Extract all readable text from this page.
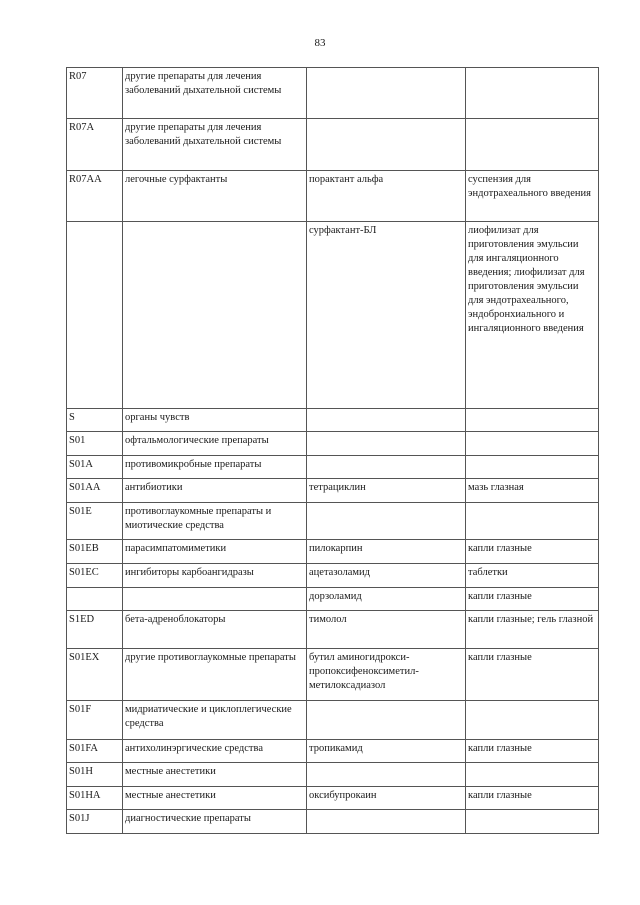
83
R07	другие препараты для лечения заболеваний дыхательной системы		
R07A	другие препараты для лечения заболеваний дыхательной системы		
R07AA	легочные сурфактанты	порактант альфа	суспензия для эндотрахеального введения
		сурфактант-БЛ	лиофилизат для приготовления эмульсии для ингаляционного введения; лиофилизат для приготовления эмульсии для эндотрахеального, эндобронхиального и ингаляционного введения
S	органы чувств		
S01	офтальмологические препараты		
S01A	противомикробные препараты		
S01AA	антибиотики	тетрациклин	мазь глазная
S01E	противоглаукомные препараты и миотические средства		
S01EB	парасимпатомиметики	пилокарпин	капли глазные
S01EC	ингибиторы карбоангидразы	ацетазоламид	таблетки
		дорзоламид	капли глазные
S1ED	бета-адреноблокаторы	тимолол	капли глазные; гель глазной
S01EX	другие противоглаукомные препараты	бутил аминогидрокси-пропоксифеноксиметил-метилоксадиазол	капли глазные
S01F	мидриатические и циклоплегические средства		
S01FA	антихолинэргические средства	тропикамид	капли глазные
S01H	местные анестетики		
S01HA	местные анестетики	оксибупрокаин	капли глазные
S01J	диагностические препараты		
